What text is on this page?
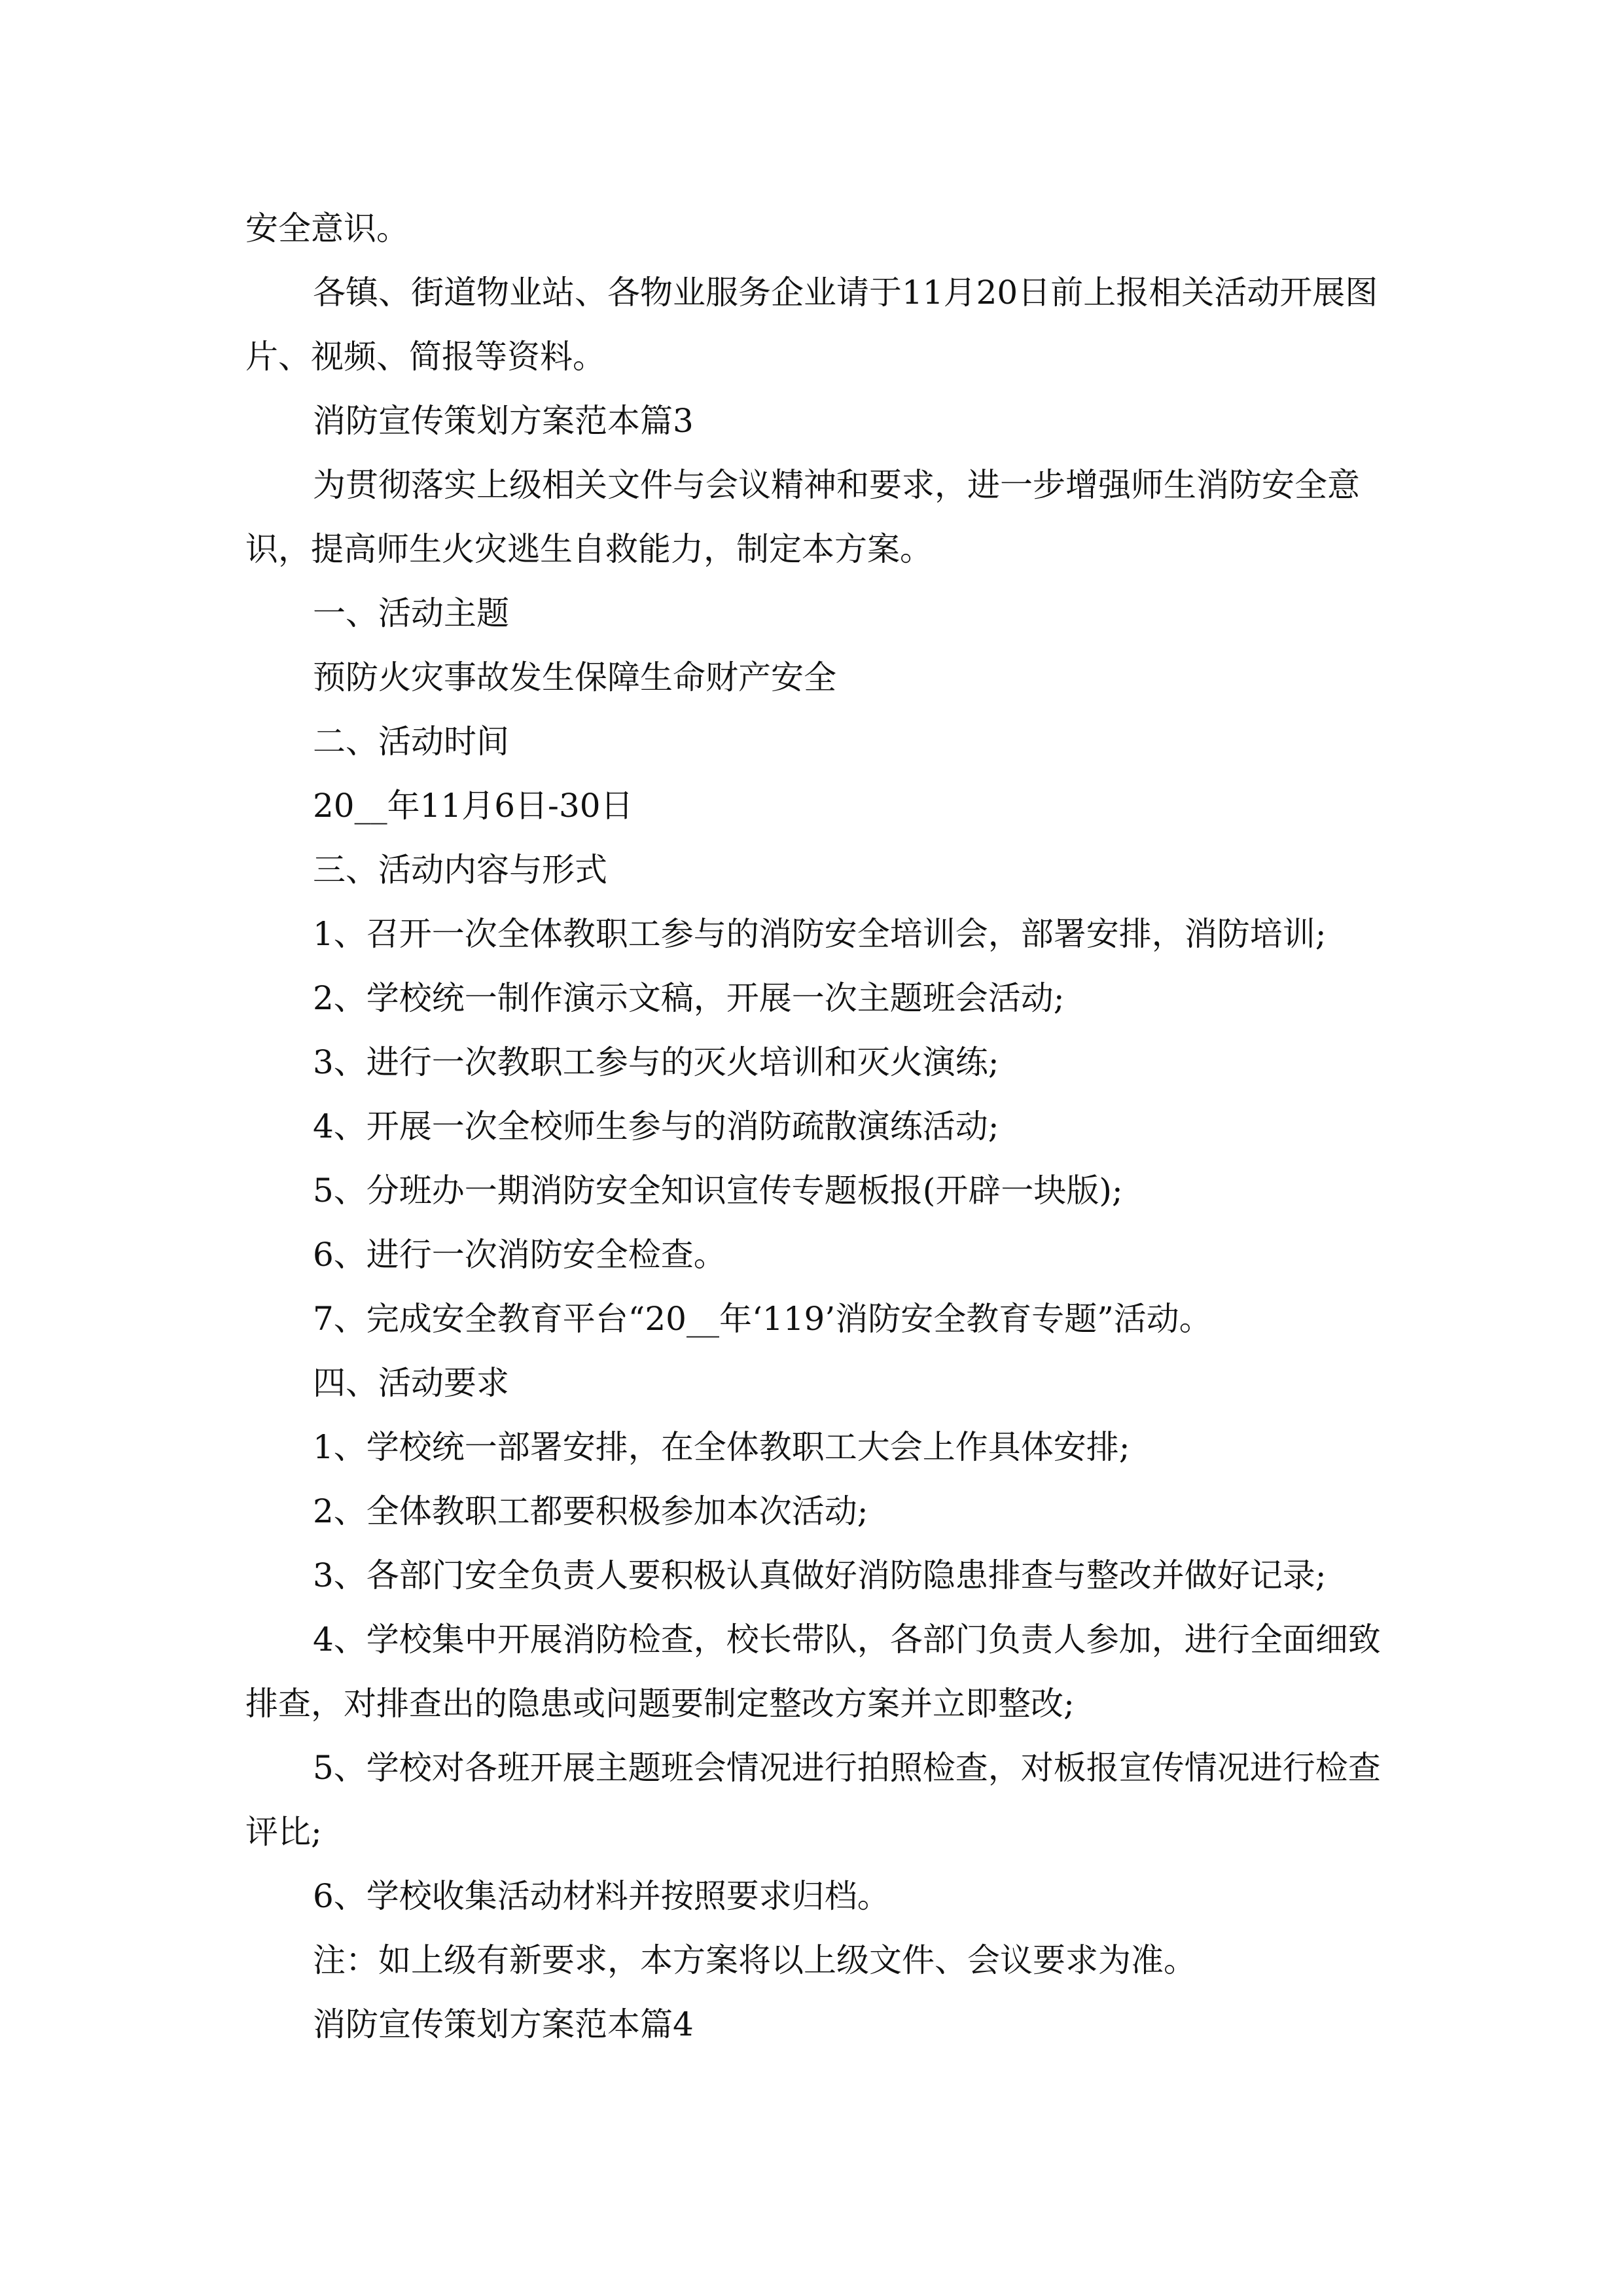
安全意识。

各镇、街道物业站、各物业服务企业请于11月20日前上报相关活动开展图片、视频、简报等资料。

消防宣传策划方案范本篇3

为贯彻落实上级相关文件与会议精神和要求，进一步增强师生消防安全意识，提高师生火灾逃生自救能力，制定本方案。

一、活动主题

预防火灾事故发生保障生命财产安全

二、活动时间

20__年11月6日-30日

三、活动内容与形式

1、召开一次全体教职工参与的消防安全培训会，部署安排，消防培训;

2、学校统一制作演示文稿，开展一次主题班会活动;

3、进行一次教职工参与的灭火培训和灭火演练;

4、开展一次全校师生参与的消防疏散演练活动;

5、分班办一期消防安全知识宣传专题板报(开辟一块版);

6、进行一次消防安全检查。

7、完成安全教育平台“20__年‘119’消防安全教育专题”活动。

四、活动要求

1、学校统一部署安排，在全体教职工大会上作具体安排;

2、全体教职工都要积极参加本次活动;

3、各部门安全负责人要积极认真做好消防隐患排查与整改并做好记录;

4、学校集中开展消防检查，校长带队，各部门负责人参加，进行全面细致排查，对排查出的隐患或问题要制定整改方案并立即整改;

5、学校对各班开展主题班会情况进行拍照检查，对板报宣传情况进行检查评比;

6、学校收集活动材料并按照要求归档。

注：如上级有新要求，本方案将以上级文件、会议要求为准。

消防宣传策划方案范本篇4
